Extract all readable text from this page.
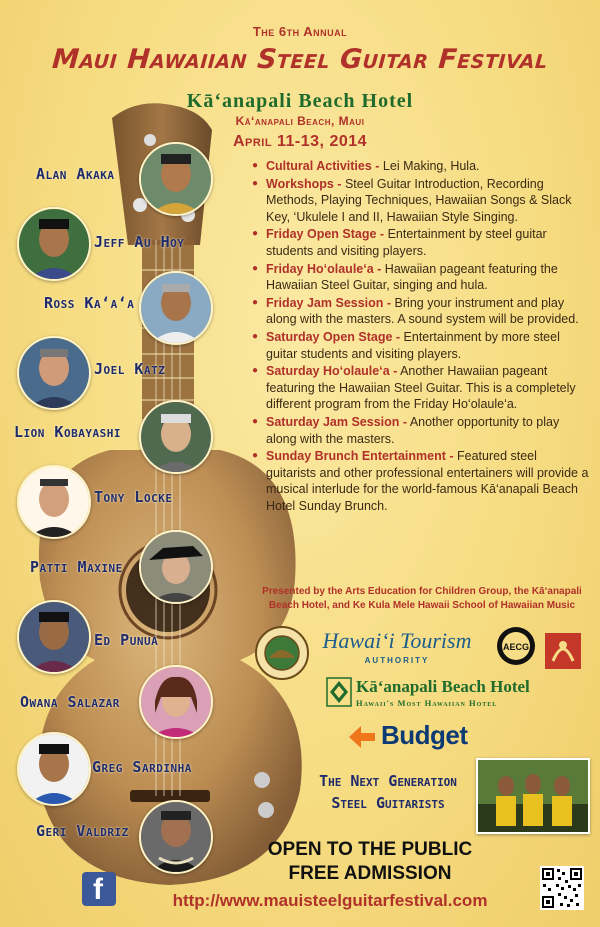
The 6th Annual
Maui Hawaiian Steel Guitar Festival
Kā‘anapali Beach Hotel
Kā‘anapali Beach, Maui
April 11-13, 2014
Alan Akaka
Jeff Au Hoy
Ross Ka‘a‘a
Joel Katz
Lion Kobayashi
Tony Locke
Patti Maxine
Ed Punua
Owana Salazar
Greg Sardinha
Geri Valdriz
● Cultural Activities - Lei Making, Hula.
● Workshops - Steel Guitar Introduction, Recording Methods, Playing Techniques, Hawaiian Songs & Slack Key, ‘Ukulele I and II, Hawaiian Style Singing.
● Friday Open Stage - Entertainment by steel guitar students and visiting players.
● Friday Ho‘olaule‘a - Hawaiian pageant featuring the Hawaiian Steel Guitar, singing and hula.
● Friday Jam Session - Bring your instrument and play along with the masters. A sound system will be provided.
● Saturday Open Stage - Entertainment by more steel guitar students and visiting players.
● Saturday Ho‘olaule‘a - Another Hawaiian pageant featuring the Hawaiian Steel Guitar. This is a completely different program from the Friday Ho‘olaule‘a.
● Saturday Jam Session - Another opportunity to play along with the masters.
● Sunday Brunch Entertainment - Featured steel guitarists and other professional entertainers will provide a musical interlude for the world-famous Kā‘anapali Beach Hotel Sunday Brunch.
Presented by the Arts Education for Children Group, the Kā‘anapali Beach Hotel, and Ke Kula Mele Hawaii School of Hawaiian Music
Hawai‘i Tourism
AUTHORITY
AECG
Kā‘anapali Beach Hotel
Hawaii's Most Hawaiian Hotel
Budget
The Next Generation
Steel Guitarists
OPEN TO THE PUBLIC
FREE ADMISSION
f	http://www.mauisteelguitarfestival.com
